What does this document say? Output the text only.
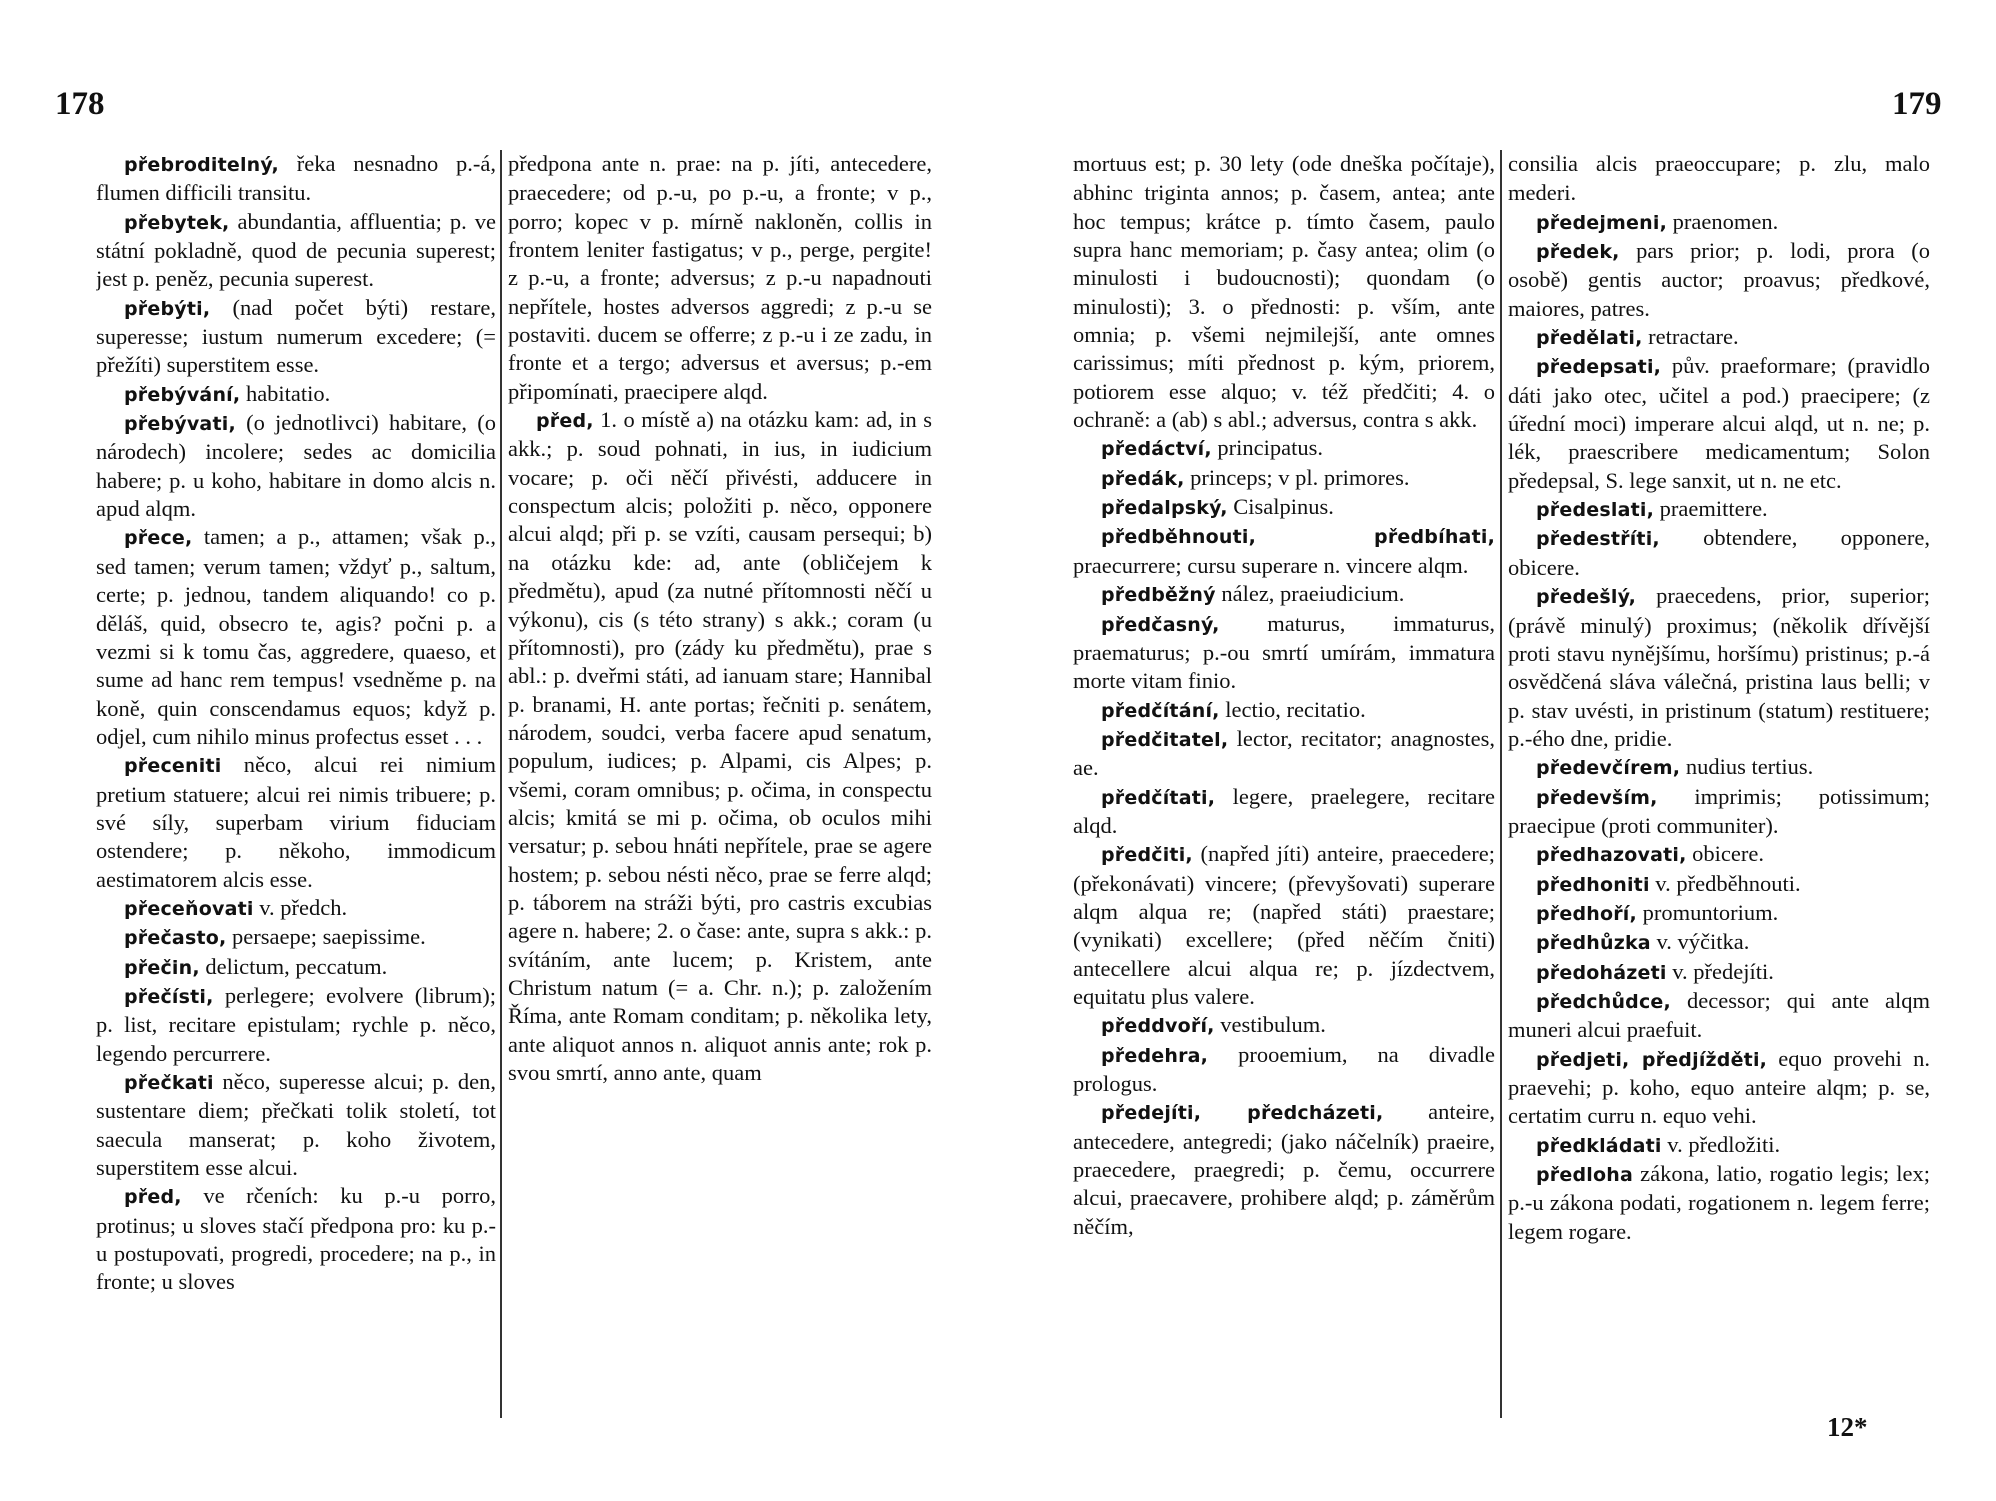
178

přebroditelný, řeka nesnadno p.-á, flumen difficili transitu.

přebytek, abundantia, affluentia; p. ve státní pokladně, quod de pecunia superest; jest p. peněz, pecunia superest.

přebýti, (nad počet býti) restare, superesse; iustum numerum excedere; (= přežíti) superstitem esse.

přebývání, habitatio.

přebývati, (o jednotlivci) habitare, (o národech) incolere; sedes ac domicilia habere; p. u koho, habitare in domo alcis n. apud alqm.

přece, tamen; a p., attamen; však p., sed tamen; verum tamen; vždyť p., saltum, certe; p. jednou, tandem aliquando! co p. děláš, quid, obsecro te, agis? počni p. a vezmi si k tomu čas, aggredere, quaeso, et sume ad hanc rem tempus! vsedněme p. na koně, quin conscendamus equos; když p. odjel, cum nihilo minus profectus esset . . .

přeceniti něco, alcui rei nimium pretium statuere; alcui rei nimis tribuere; p. své síly, superbam virium fiduciam ostendere; p. někoho, immodicum aestimatorem alcis esse.

přeceňovati v. předch.

přečasto, persaepe; saepissime.

přečin, delictum, peccatum.

přečísti, perlegere; evolvere (librum); p. list, recitare epistulam; rychle p. něco, legendo percurrere.

přečkati něco, superesse alcui; p. den, sustentare diem; přečkati tolik století, tot saecula manserat; p. koho životem, superstitem esse alcui.

před, ve rčeních: ku p.-u porro, protinus; u sloves stačí předpona pro: ku p.-u postupovati, progredi, procedere; na p., in fronte; u sloves

předpona ante n. prae: na p. jíti, antecedere, praecedere; od p.-u, po p.-u, a fronte; v p., porro; kopec v p. mírně nakloněn, collis in frontem leniter fastigatus; v p., perge, pergite! z p.-u, a fronte; adversus; z p.-u napadnouti nepřítele, hostes adversos aggredi; z p.-u se postaviti. ducem se offerre; z p.-u i ze zadu, in fronte et a tergo; adversus et aversus; p.-em připomínati, praecipere alqd.

před, 1. o místě a) na otázku kam: ad, in s akk.; p. soud pohnati, in ius, in iudicium vocare; p. oči něčí přivésti, adducere in conspectum alcis; položiti p. něco, opponere alcui alqd; při p. se vzíti, causam persequi; b) na otázku kde: ad, ante (obličejem k předmětu), apud (za nutné přítomnosti něčí u výkonu), cis (s této strany) s akk.; coram (u přítomnosti), pro (zády ku předmětu), prae s abl.: p. dveřmi státi, ad ianuam stare; Hannibal p. branami, H. ante portas; řečniti p. senátem, národem, soudci, verba facere apud senatum, populum, iudices; p. Alpami, cis Alpes; p. všemi, coram omnibus; p. očima, in conspectu alcis; kmitá se mi p. očima, ob oculos mihi versatur; p. sebou hnáti nepřítele, prae se agere hostem; p. sebou nésti něco, prae se ferre alqd; p. táborem na stráži býti, pro castris excubias agere n. habere; 2. o čase: ante, supra s akk.: p. svítáním, ante lucem; p. Kristem, ante Christum natum (= a. Chr. n.); p. založením Říma, ante Romam conditam; p. několika lety, ante aliquot annos n. aliquot annis ante; rok p. svou smrtí, anno ante, quam

179

mortuus est; p. 30 lety (ode dneška počítaje), abhinc triginta annos; p. časem, antea; ante hoc tempus; krátce p. tímto časem, paulo supra hanc memoriam; p. časy antea; olim (o minulosti i budoucnosti); quondam (o minulosti); 3. o přednosti: p. vším, ante omnia; p. všemi nejmilejší, ante omnes carissimus; míti přednost p. kým, priorem, potiorem esse alquo; v. též předčiti; 4. o ochraně: a (ab) s abl.; adversus, contra s akk.

předáctví, principatus.

předák, princeps; v pl. primores.

předalpský, Cisalpinus.

předběhnouti, předbíhati, praecurrere; cursu superare n. vincere alqm.

předběžný nález, praeiudicium.

předčasný, maturus, immaturus, praematurus; p.-ou smrtí umírám, immatura morte vitam finio.

předčítání, lectio, recitatio.

předčitatel, lector, recitator; anagnostes, ae.

předčítati, legere, praelegere, recitare alqd.

předčiti, (napřed jíti) anteire, praecedere; (překonávati) vincere; (převyšovati) superare alqm alqua re; (napřed státi) praestare; (vynikati) excellere; (před něčím čniti) antecellere alcui alqua re; p. jízdectvem, equitatu plus valere.

předdvoří, vestibulum.

předehra, prooemium, na divadle prologus.

předejíti, předcházeti, anteire, antecedere, antegredi; (jako náčelník) praeire, praecedere, praegredi; p. čemu, occurrere alcui, praecavere, prohibere alqd; p. záměrům něčím,

consilia alcis praeoccupare; p. zlu, malo mederi.

předejmeni, praenomen.

předek, pars prior; p. lodi, prora (o osobě) gentis auctor; proavus; předkové, maiores, patres.

předělati, retractare.

předepsati, pův. praeformare; (pravidlo dáti jako otec, učitel a pod.) praecipere; (z úřední moci) imperare alcui alqd, ut n. ne; p. lék, praescribere medicamentum; Solon předepsal, S. lege sanxit, ut n. ne etc.

předeslati, praemittere.

předestříti, obtendere, opponere, obicere.

předešlý, praecedens, prior, superior; (právě minulý) proximus; (několik dřívější proti stavu nynějšímu, horšímu) pristinus; p.-á osvědčená sláva válečná, pristina laus belli; v p. stav uvésti, in pristinum (statum) restituere; p.-ého dne, pridie.

předevčírem, nudius tertius.

především, imprimis; potissimum; praecipue (proti communiter).

předhazovati, obicere.

předhoniti v. předběhnouti.

předhoří, promuntorium.

předhůzka v. výčitka.

předoházeti v. předejíti.

předchůdce, decessor; qui ante alqm muneri alcui praefuit.

předjeti, předjížděti, equo provehi n. praevehi; p. koho, equo anteire alqm; p. se, certatim curru n. equo vehi.

předkládati v. předložiti.

předloha zákona, latio, rogatio legis; lex; p.-u zákona podati, rogationem n. legem ferre; legem rogare.

12*
